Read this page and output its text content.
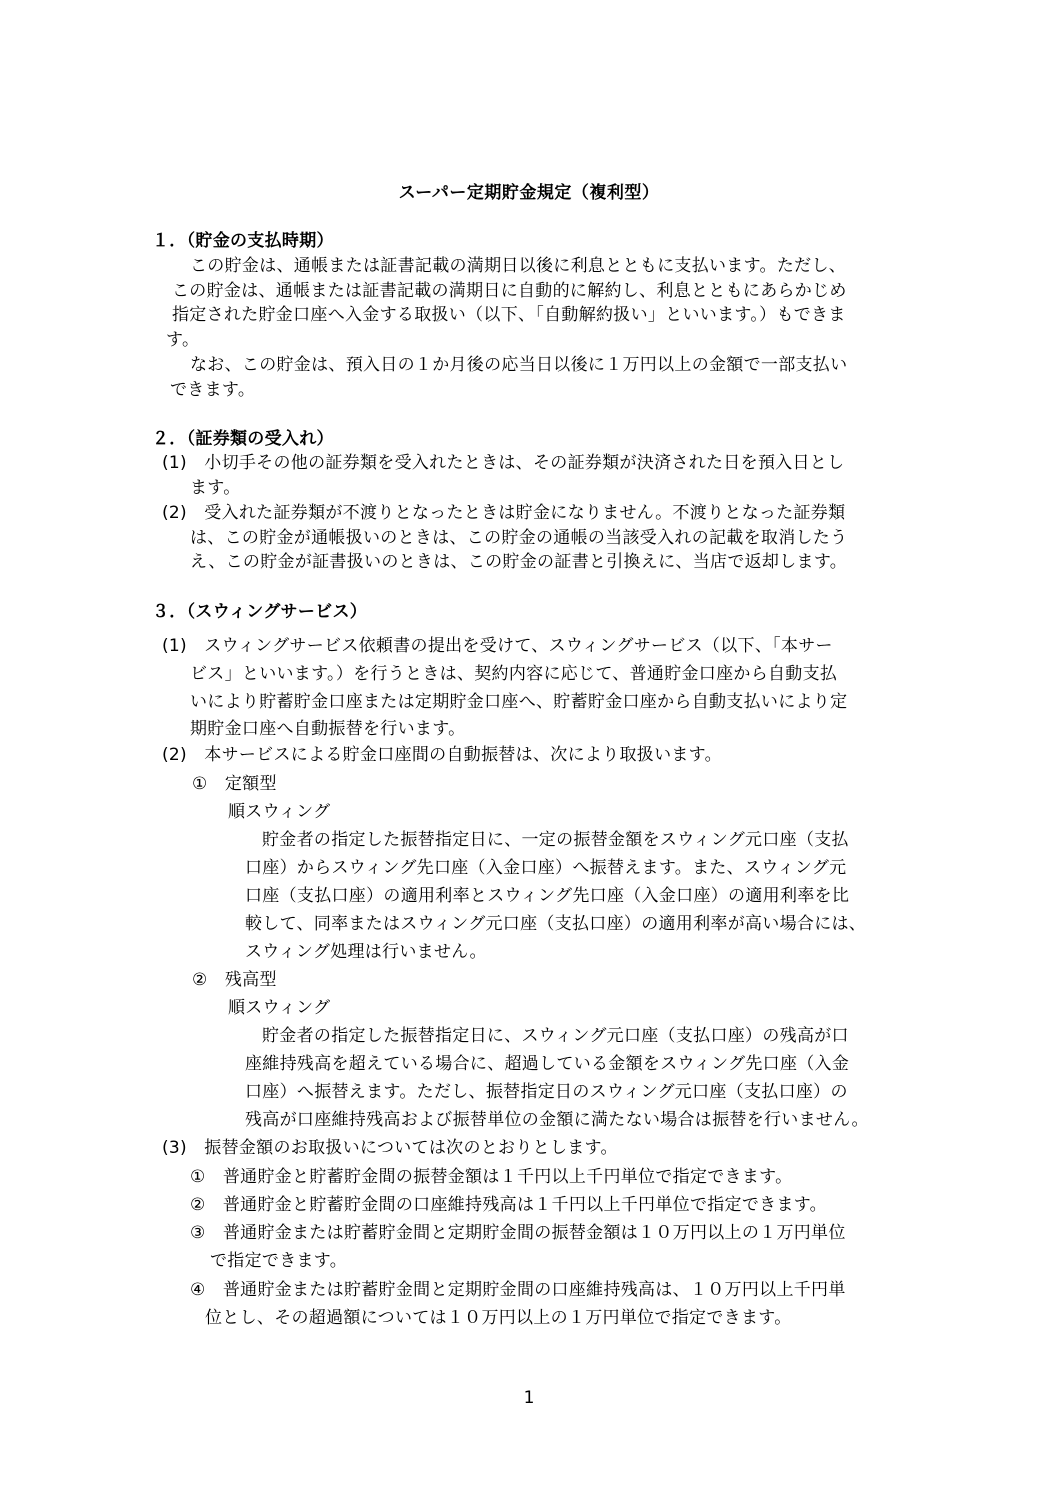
スーパー定期貯金規定（複利型）
１．（貯金の支払時期）
この貯金は、通帳または証書記載の満期日以後に利息とともに支払います。ただし、
この貯金は、通帳または証書記載の満期日に自動的に解約し、利息とともにあらかじめ
指定された貯金口座へ入金する取扱い（以下、「自動解約扱い」といいます。）もできま
す。
なお、この貯金は、預入日の１か月後の応当日以後に１万円以上の金額で一部支払い
できます。
２．（証券類の受入れ）
(1)　小切手その他の証券類を受入れたときは、その証券類が決済された日を預入日とし
ます。
(2)　受入れた証券類が不渡りとなったときは貯金になりません。不渡りとなった証券類
は、この貯金が通帳扱いのときは、この貯金の通帳の当該受入れの記載を取消したう
え、この貯金が証書扱いのときは、この貯金の証書と引換えに、当店で返却します。
３．（スウィングサービス）
(1)　スウィングサービス依頼書の提出を受けて、スウィングサービス（以下、「本サー
ビス」といいます。）を行うときは、契約内容に応じて、普通貯金口座から自動支払
いにより貯蓄貯金口座または定期貯金口座へ、貯蓄貯金口座から自動支払いにより定
期貯金口座へ自動振替を行います。
(2)　本サービスによる貯金口座間の自動振替は、次により取扱います。
①　定額型
順スウィング
貯金者の指定した振替指定日に、一定の振替金額をスウィング元口座（支払
口座）からスウィング先口座（入金口座）へ振替えます。また、スウィング元
口座（支払口座）の適用利率とスウィング先口座（入金口座）の適用利率を比
較して、同率またはスウィング元口座（支払口座）の適用利率が高い場合には、
スウィング処理は行いません。
②　残高型
順スウィング
貯金者の指定した振替指定日に、スウィング元口座（支払口座）の残高が口
座維持残高を超えている場合に、超過している金額をスウィング先口座（入金
口座）へ振替えます。ただし、振替指定日のスウィング元口座（支払口座）の
残高が口座維持残高および振替単位の金額に満たない場合は振替を行いません。
(3)　振替金額のお取扱いについては次のとおりとします。
①　普通貯金と貯蓄貯金間の振替金額は１千円以上千円単位で指定できます。
②　普通貯金と貯蓄貯金間の口座維持残高は１千円以上千円単位で指定できます。
③　普通貯金または貯蓄貯金間と定期貯金間の振替金額は１０万円以上の１万円単位
で指定できます。
④　普通貯金または貯蓄貯金間と定期貯金間の口座維持残高は、１０万円以上千円単
位とし、その超過額については１０万円以上の１万円単位で指定できます。
1
